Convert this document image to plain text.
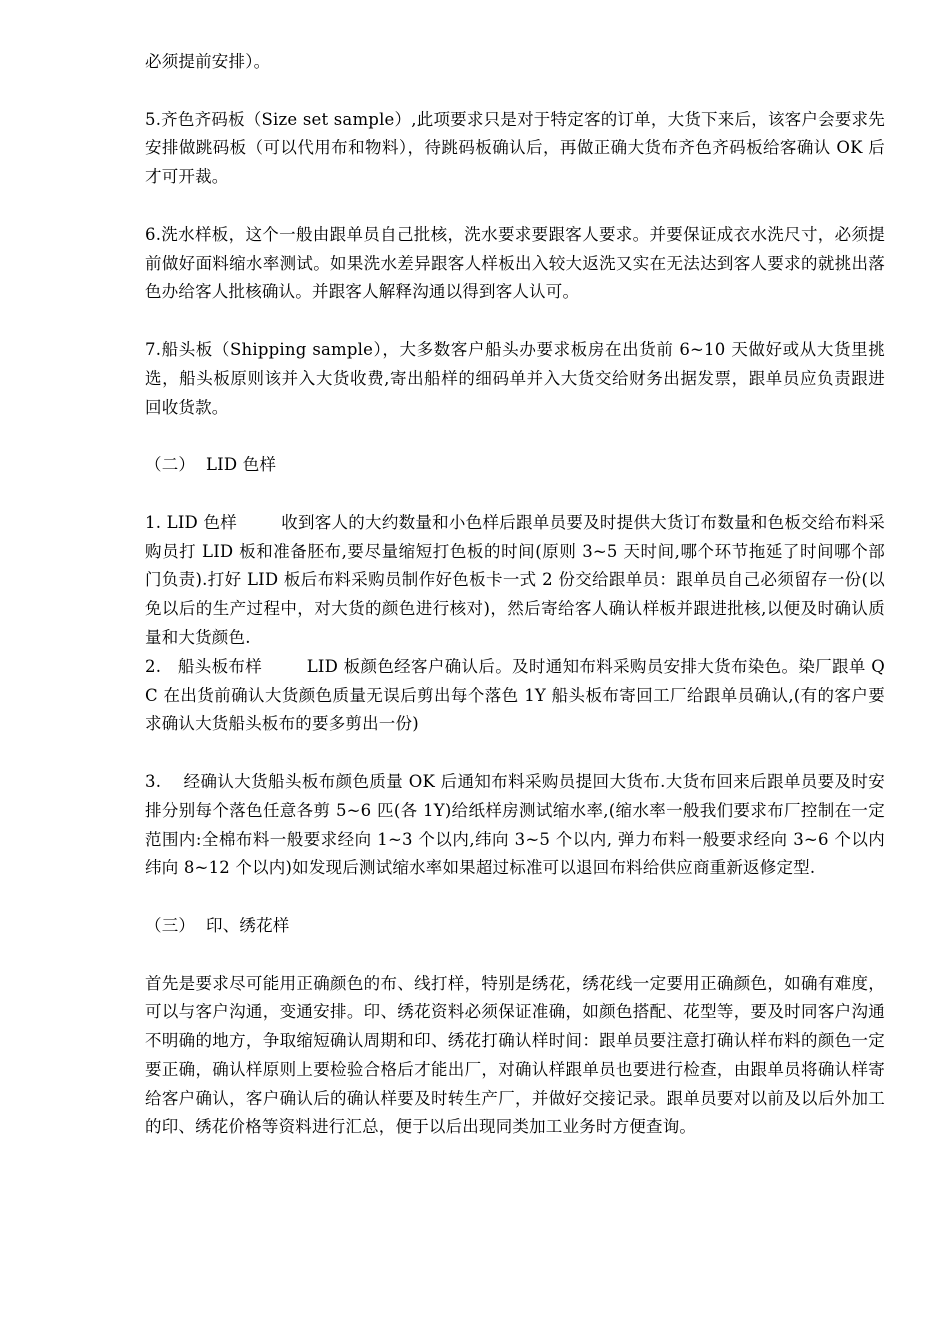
必须提前安排）。

5.齐色齐码板（Size set sample）,此项要求只是对于特定客的订单，大货下来后，该客户会要求先安排做跳码板（可以代用布和物料），待跳码板确认后，再做正确大货布齐色齐码板给客确认 OK 后才可开裁。

6.洗水样板，这个一般由跟单员自己批核，洗水要求要跟客人要求。并要保证成衣水洗尺寸，必须提前做好面料缩水率测试。如果洗水差异跟客人样板出入较大返洗又实在无法达到客人要求的就挑出落色办给客人批核确认。并跟客人解释沟通以得到客人认可。

7.船头板（Shipping sample），大多数客户船头办要求板房在出货前 6~10 天做好或从大货里挑选，船头板原则该并入大货收费,寄出船样的细码单并入大货交给财务出据发票，跟单员应负责跟进回收货款。

（二）  LID 色样

1. LID 色样        收到客人的大约数量和小色样后跟单员要及时提供大货订布数量和色板交给布料采购员打 LID 板和准备胚布,要尽量缩短打色板的时间(原则 3~5 天时间,哪个环节拖延了时间哪个部门负责).打好 LID 板后布料采购员制作好色板卡一式 2 份交给跟单员：跟单员自己必须留存一份(以免以后的生产过程中，对大货的颜色进行核对)，然后寄给客人确认样板并跟进批核,以便及时确认质量和大货颜色.

2.   船头板布样        LID 板颜色经客户确认后。及时通知布料采购员安排大货布染色。染厂跟单 QC 在出货前确认大货颜色质量无误后剪出每个落色 1Y 船头板布寄回工厂给跟单员确认,(有的客户要求确认大货船头板布的要多剪出一份)

3.    经确认大货船头板布颜色质量 OK 后通知布料采购员提回大货布.大货布回来后跟单员要及时安排分别每个落色任意各剪 5~6 匹(各 1Y)给纸样房测试缩水率,(缩水率一般我们要求布厂控制在一定范围内:全棉布料一般要求经向 1~3 个以内,纬向 3~5 个以内, 弹力布料一般要求经向 3~6 个以内纬向 8~12 个以内)如发现后测试缩水率如果超过标准可以退回布料给供应商重新返修定型.

（三）  印、绣花样

首先是要求尽可能用正确颜色的布、线打样，特别是绣花，绣花线一定要用正确颜色，如确有难度，可以与客户沟通，变通安排。印、绣花资料必须保证准确，如颜色搭配、花型等，要及时同客户沟通不明确的地方，争取缩短确认周期和印、绣花打确认样时间：跟单员要注意打确认样布料的颜色一定要正确，确认样原则上要检验合格后才能出厂，对确认样跟单员也要进行检查，由跟单员将确认样寄给客户确认，客户确认后的确认样要及时转生产厂，并做好交接记录。跟单员要对以前及以后外加工的印、绣花价格等资料进行汇总，便于以后出现同类加工业务时方便查询。
